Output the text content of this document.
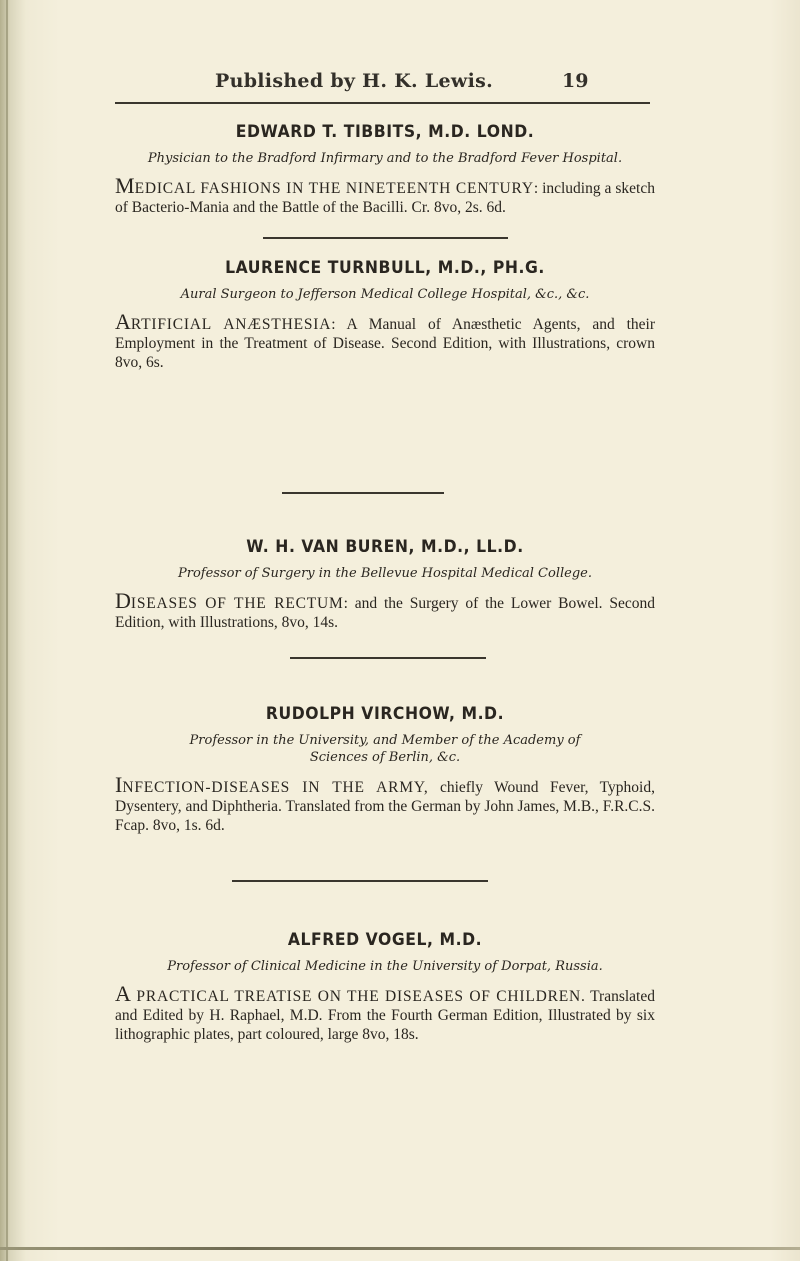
Published by H. K. Lewis.	19
EDWARD T. TIBBITS, M.D. LOND.
Physician to the Bradford Infirmary and to the Bradford Fever Hospital.
MEDICAL FASHIONS IN THE NINETEENTH CENTURY: including a sketch of Bacterio-Mania and the Battle of the Bacilli. Cr. 8vo, 2s. 6d.
LAURENCE TURNBULL, M.D., PH.G.
Aural Surgeon to Jefferson Medical College Hospital, &c., &c.
ARTIFICIAL ANÆSTHESIA: A Manual of Anæsthetic Agents, and their Employment in the Treatment of Disease. Second Edition, with Illustrations, crown 8vo, 6s.
W. H. VAN BUREN, M.D., LL.D.
Professor of Surgery in the Bellevue Hospital Medical College.
DISEASES OF THE RECTUM: and the Surgery of the Lower Bowel. Second Edition, with Illustrations, 8vo, 14s.
RUDOLPH VIRCHOW, M.D.
Professor in the University, and Member of the Academy of Sciences of Berlin, &c.
INFECTION-DISEASES IN THE ARMY, chiefly Wound Fever, Typhoid, Dysentery, and Diphtheria. Translated from the German by John James, M.B., F.R.C.S. Fcap. 8vo, 1s. 6d.
ALFRED VOGEL, M.D.
Professor of Clinical Medicine in the University of Dorpat, Russia.
A PRACTICAL TREATISE ON THE DISEASES OF CHILDREN. Translated and Edited by H. Raphael, M.D. From the Fourth German Edition, Illustrated by six lithographic plates, part coloured, large 8vo, 18s.
